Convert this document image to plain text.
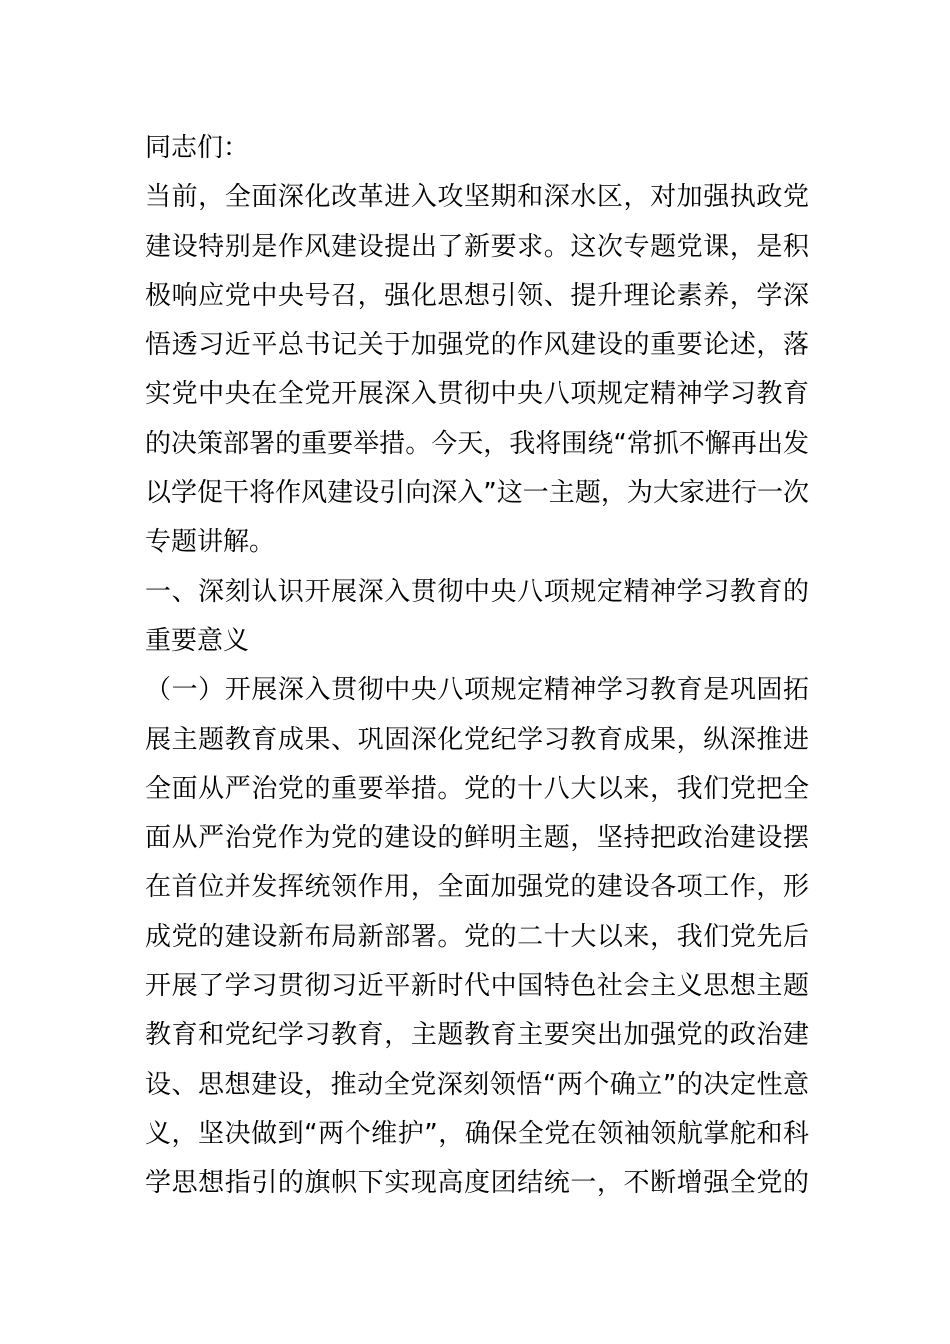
同志们：
当前，全面深化改革进入攻坚期和深水区，对加强执政党
建设特别是作风建设提出了新要求。这次专题党课，是积
极响应党中央号召，强化思想引领、提升理论素养，学深
悟透习近平总书记关于加强党的作风建设的重要论述，落
实党中央在全党开展深入贯彻中央八项规定精神学习教育
的决策部署的重要举措。今天，我将围绕“常抓不懈再出发
以学促干将作风建设引向深入”这一主题，为大家进行一次
专题讲解。
一、深刻认识开展深入贯彻中央八项规定精神学习教育的
重要意义
（一）开展深入贯彻中央八项规定精神学习教育是巩固拓
展主题教育成果、巩固深化党纪学习教育成果，纵深推进
全面从严治党的重要举措。党的十八大以来，我们党把全
面从严治党作为党的建设的鲜明主题，坚持把政治建设摆
在首位并发挥统领作用，全面加强党的建设各项工作，形
成党的建设新布局新部署。党的二十大以来，我们党先后
开展了学习贯彻习近平新时代中国特色社会主义思想主题
教育和党纪学习教育，主题教育主要突出加强党的政治建
设、思想建设，推动全党深刻领悟“两个确立”的决定性意
义，坚决做到“两个维护”，确保全党在领袖领航掌舵和科
学思想指引的旗帜下实现高度团结统一，不断增强全党的
